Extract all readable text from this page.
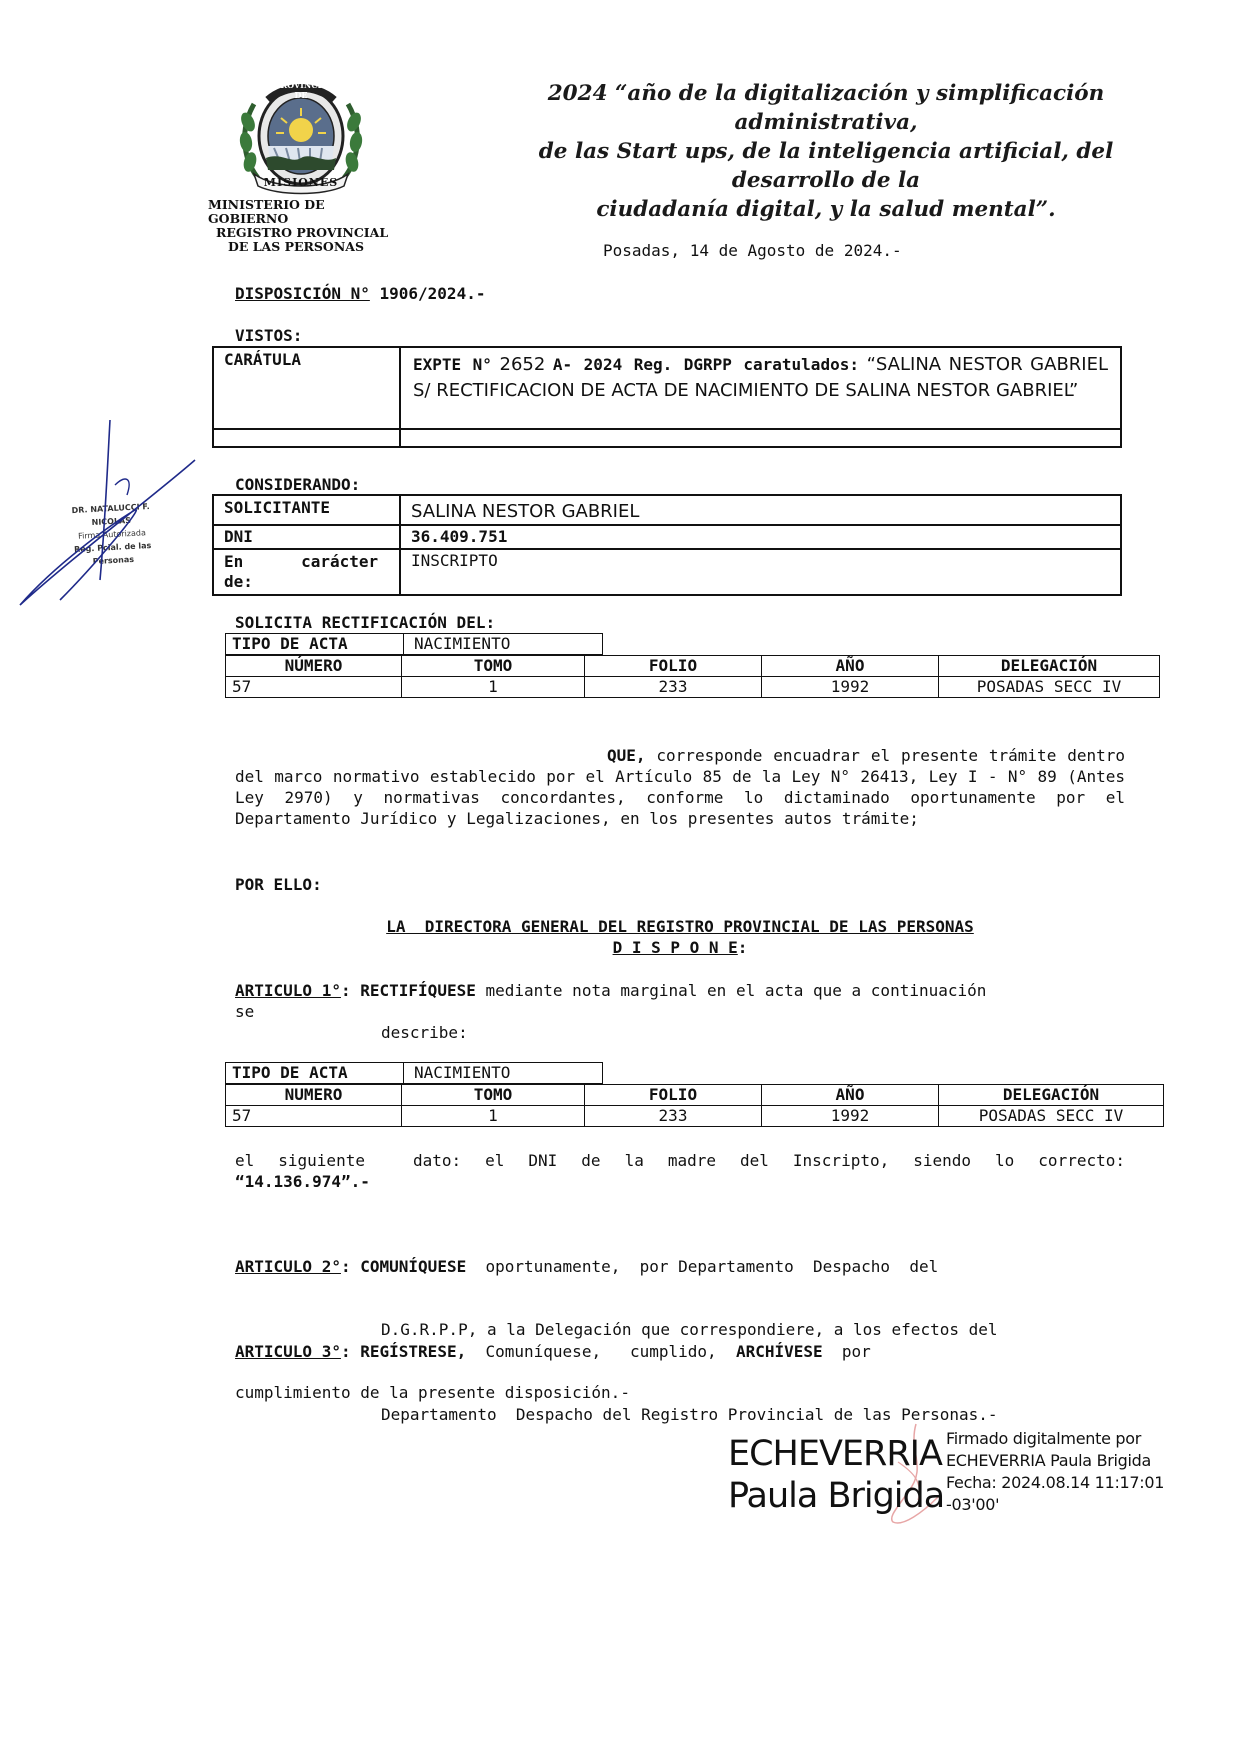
PROVINCIA DE
MISIONES
MINISTERIO DE GOBIERNO
REGISTRO PROVINCIAL
DE LAS PERSONAS
2024 “año de la digitalización y simplificación administrativa,
de las Start ups, de la inteligencia artificial, del desarrollo de la
ciudadanía digital, y la salud mental”.
Posadas, 14 de Agosto de 2024.-
DISPOSICIÓN N° 1906/2024.-
VISTOS:
CARÁTULA	EXPTE N° 2652 A- 2024 Reg. DGRPP caratulados: “SALINA NESTOR GABRIEL S/ RECTIFICACION DE ACTA DE NACIMIENTO DE SALINA NESTOR GABRIEL”

CONSIDERANDO:
SOLICITANTE	SALINA NESTOR GABRIEL
DNI	36.409.751

En      carácter
de:	INSCRIPTO
SOLICITA RECTIFICACIÓN DEL:
TIPO DE ACTA	NACIMIENTO
NÚMERO	TOMO	FOLIO	AÑO	DELEGACIÓN
57	1	233	1992	POSADAS SECC IV
QUE, corresponde encuadrar el presente trámite dentro del marco normativo establecido por el Artículo 85 de la Ley N° 26413, Ley I - N° 89 (Antes Ley 2970) y normativas concordantes, conforme lo dictaminado oportunamente por el Departamento Jurídico y Legalizaciones, en los presentes autos trámite;
POR ELLO:
LA  DIRECTORA GENERAL DEL REGISTRO PROVINCIAL DE LAS PERSONAS
D I S P O N E:
ARTICULO 1°: RECTIFÍQUESE mediante nota marginal en el acta que a continuación
se
describe:
TIPO DE ACTA	NACIMIENTO
NUMERO	TOMO	FOLIO	AÑO	DELEGACIÓN
57	1	233	1992	POSADAS SECC IV
el siguiente  dato: el DNI de la madre del Inscripto, siendo lo correcto:
“14.136.974”.-

ARTICULO 2°: COMUNÍQUESE oportunamente,  por Departamento  Despacho  del

D.G.R.P.P, a la Delegación que correspondiere, a los efectos del

cumplimiento de la presente disposición.-

ARTICULO 3°: REGÍSTRESE,  Comuníquese,   cumplido,  ARCHÍVESE  por

Departamento  Despacho del Registro Provincial de las Personas.-

DR. NATALUCCI F. NICOLAS
Firma Autorizada
Reg. Pcial. de las Personas
ECHEVERRIA
Paula Brigida
Firmado digitalmente por
ECHEVERRIA Paula Brigida
Fecha: 2024.08.14 11:17:01
-03'00'
